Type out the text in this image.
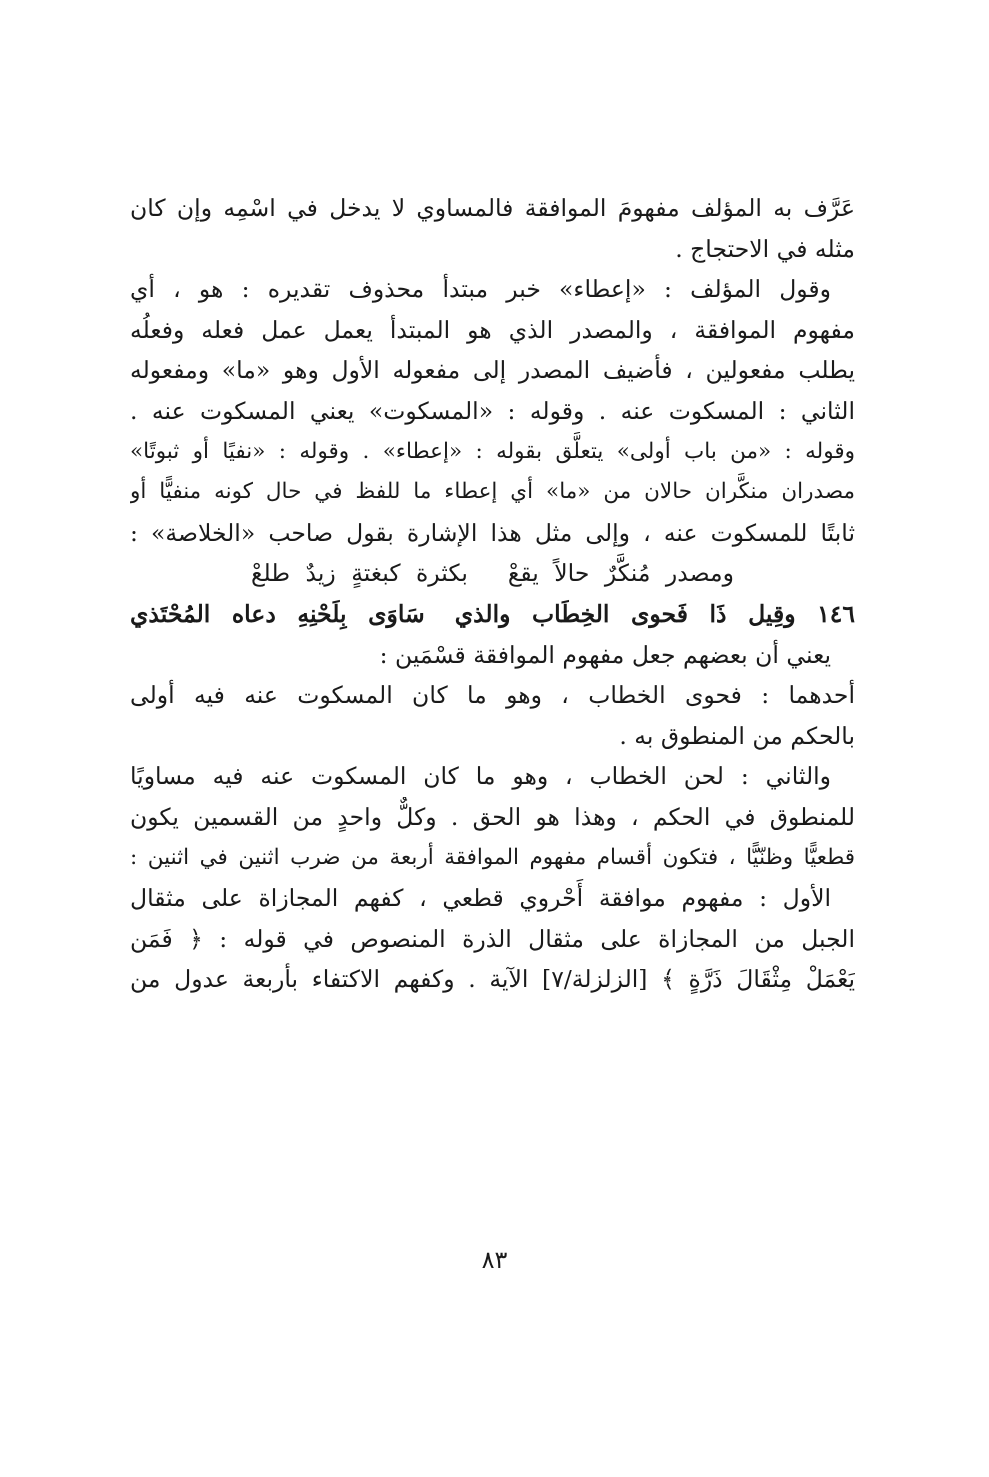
عَرَّف به المؤلف مفهومَ الموافقة فالمساوي لا يدخل في اسْمِه وإن كان
مثله في الاحتجاج .
وقول المؤلف : «إعطاء» خبر مبتدأ محذوف تقديره : هو ، أي
مفهوم الموافقة ، والمصدر الذي هو المبتدأ يعمل عمل فعله وفعلُه
يطلب مفعولين ، فأضيف المصدر إلى مفعوله الأول وهو «ما» ومفعوله
الثاني : المسكوت عنه . وقوله : «المسكوت» يعني المسكوت عنه .
وقوله : «من باب أولى» يتعلَّق بقوله : «إعطاء» . وقوله : «نفيًا أو ثبوتًا»
مصدران منكَّران حالان من «ما» أي إعطاء ما للفظ في حال كونه منفيًّا أو
ثابتًا للمسكوت عنه ، وإلى مثل هذا الإشارة بقول صاحب «الخلاصة» :
ومصدر مُنكَّرٌ حالاً يقعْبكثرة كبغتةٍ زيدٌ طلعْ
١٤٦ وقِيل ذَا فَحوى الخِطَاب والذيسَاوَى بِلَحْنِهِ دعاه المُحْتَذي
يعني أن بعضهم جعل مفهوم الموافقة قسْمَين :
أحدهما : فحوى الخطاب ، وهو ما كان المسكوت عنه فيه أولى
بالحكم من المنطوق به .
والثاني : لحن الخطاب ، وهو ما كان المسكوت عنه فيه مساويًا
للمنطوق في الحكم ، وهذا هو الحق . وكلٌّ واحدٍ من القسمين يكون
قطعيًّا وظنّيًّا ، فتكون أقسام مفهوم الموافقة أربعة من ضرب اثنين في اثنين :
الأول : مفهوم موافقة أَحْروي قطعي ، كفهم المجازاة على مثقال
الجبل من المجازاة على مثقال الذرة المنصوص في قوله : ﴿ فَمَن
يَعْمَلْ مِثْقَالَ ذَرَّةٍ ﴾ [الزلزلة/٧] الآية . وكفهم الاكتفاء بأربعة عدول من
٨٣
